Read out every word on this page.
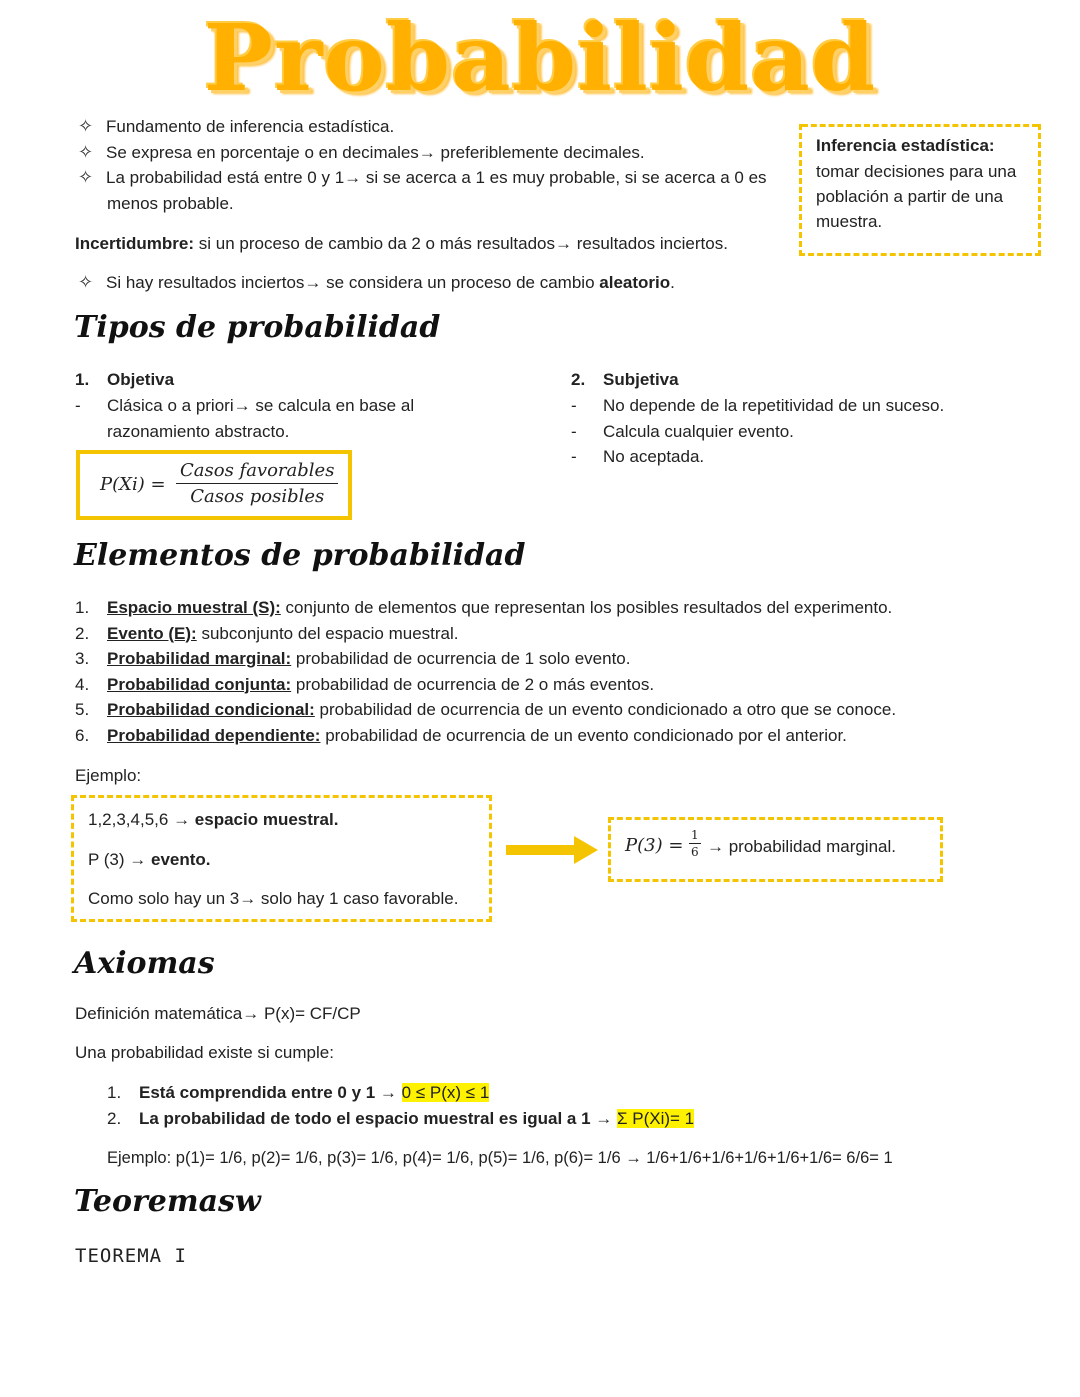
Probabilidad
✧ Fundamento de inferencia estadística.
✧ Se expresa en porcentaje o en decimales→ preferiblemente decimales.
✧ La probabilidad está entre 0 y 1→ si se acerca a 1 es muy probable, si se acerca a 0 es
menos probable.
Incertidumbre: si un proceso de cambio da 2 o más resultados→ resultados inciertos.
✧ Si hay resultados inciertos→ se considera un proceso de cambio aleatorio.
Inferencia estadística:
tomar decisiones para una
población a partir de una
muestra.
Tipos de probabilidad
1. Objetiva
- Clásica o a priori→ se calcula en base al
razonamiento abstracto.
P(Xi) =
Casos favorables
Casos posibles
2. Subjetiva
- No depende de la repetitividad de un suceso.
- Calcula cualquier evento.
- No aceptada.
Elementos de probabilidad
1. Espacio muestral (S): conjunto de elementos que representan los posibles resultados del experimento.
2. Evento (E): subconjunto del espacio muestral.
3. Probabilidad marginal: probabilidad de ocurrencia de 1 solo evento.
4. Probabilidad conjunta: probabilidad de ocurrencia de 2 o más eventos.
5. Probabilidad condicional: probabilidad de ocurrencia de un evento condicionado a otro que se conoce.
6. Probabilidad dependiente: probabilidad de ocurrencia de un evento condicionado por el anterior.
Ejemplo:
1,2,3,4,5,6 → espacio muestral.
P (3) → evento.
Como solo hay un 3→ solo hay 1 caso favorable.
$P(3) = \frac{1}{6}$ → probabilidad marginal.
Axiomas
Definición matemática→ P(x)= CF/CP
Una probabilidad existe si cumple:
1. Está comprendida entre 0 y 1 → 0 ≤ P(x) ≤ 1
2. La probabilidad de todo el espacio muestral es igual a 1 → Σ P(Xi)= 1
Ejemplo: p(1)= 1/6, p(2)= 1/6, p(3)= 1/6, p(4)= 1/6, p(5)= 1/6, p(6)= 1/6 → 1/6+1/6+1/6+1/6+1/6+1/6= 6/6= 1
Teoremasw
TEOREMA I
